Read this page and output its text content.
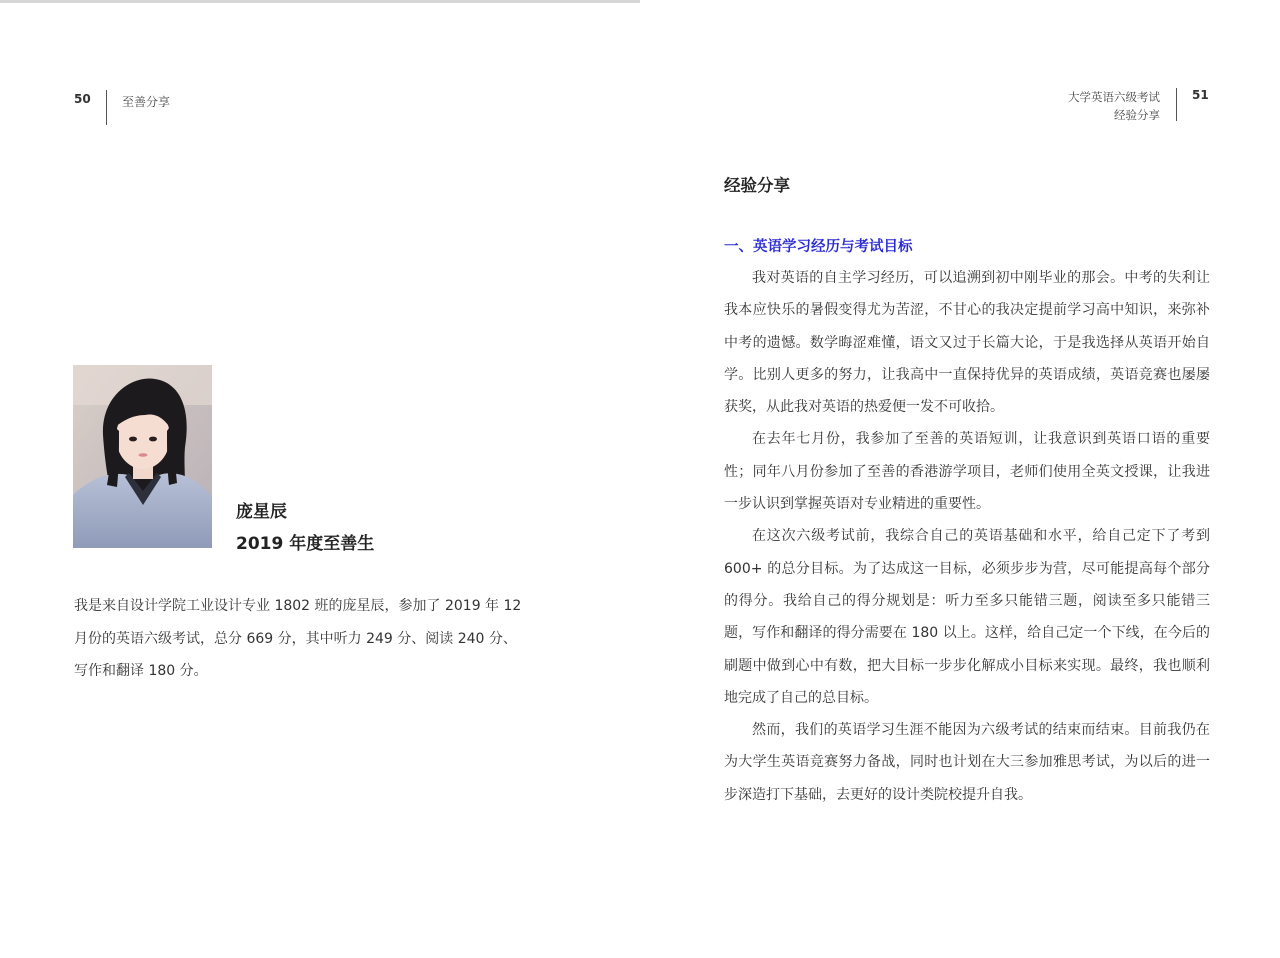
50	至善分享
庞星辰
2019 年度至善生

我是来自设计学院工业设计专业 1802 班的庞星辰，参加了 2019 年 12 月份的英语六级考试，总分 669 分，其中听力 249 分、阅读 240 分、写作和翻译 180 分。

大学英语六级考试
经验分享
51
经验分享
一、英语学习经历与考试目标

我对英语的自主学习经历，可以追溯到初中刚毕业的那会。中考的失利让我本应快乐的暑假变得尤为苦涩，不甘心的我决定提前学习高中知识，来弥补中考的遗憾。数学晦涩难懂，语文又过于长篇大论，于是我选择从英语开始自学。比别人更多的努力，让我高中一直保持优异的英语成绩，英语竞赛也屡屡获奖，从此我对英语的热爱便一发不可收拾。

在去年七月份，我参加了至善的英语短训，让我意识到英语口语的重要性；同年八月份参加了至善的香港游学项目，老师们使用全英文授课，让我进一步认识到掌握英语对专业精进的重要性。

在这次六级考试前，我综合自己的英语基础和水平，给自己定下了考到 600+ 的总分目标。为了达成这一目标，必须步步为营，尽可能提高每个部分的得分。我给自己的得分规划是：听力至多只能错三题，阅读至多只能错三题，写作和翻译的得分需要在 180 以上。这样，给自己定一个下线，在今后的刷题中做到心中有数，把大目标一步步化解成小目标来实现。最终，我也顺利地完成了自己的总目标。

然而，我们的英语学习生涯不能因为六级考试的结束而结束。目前我仍在为大学生英语竞赛努力备战，同时也计划在大三参加雅思考试，为以后的进一步深造打下基础，去更好的设计类院校提升自我。
